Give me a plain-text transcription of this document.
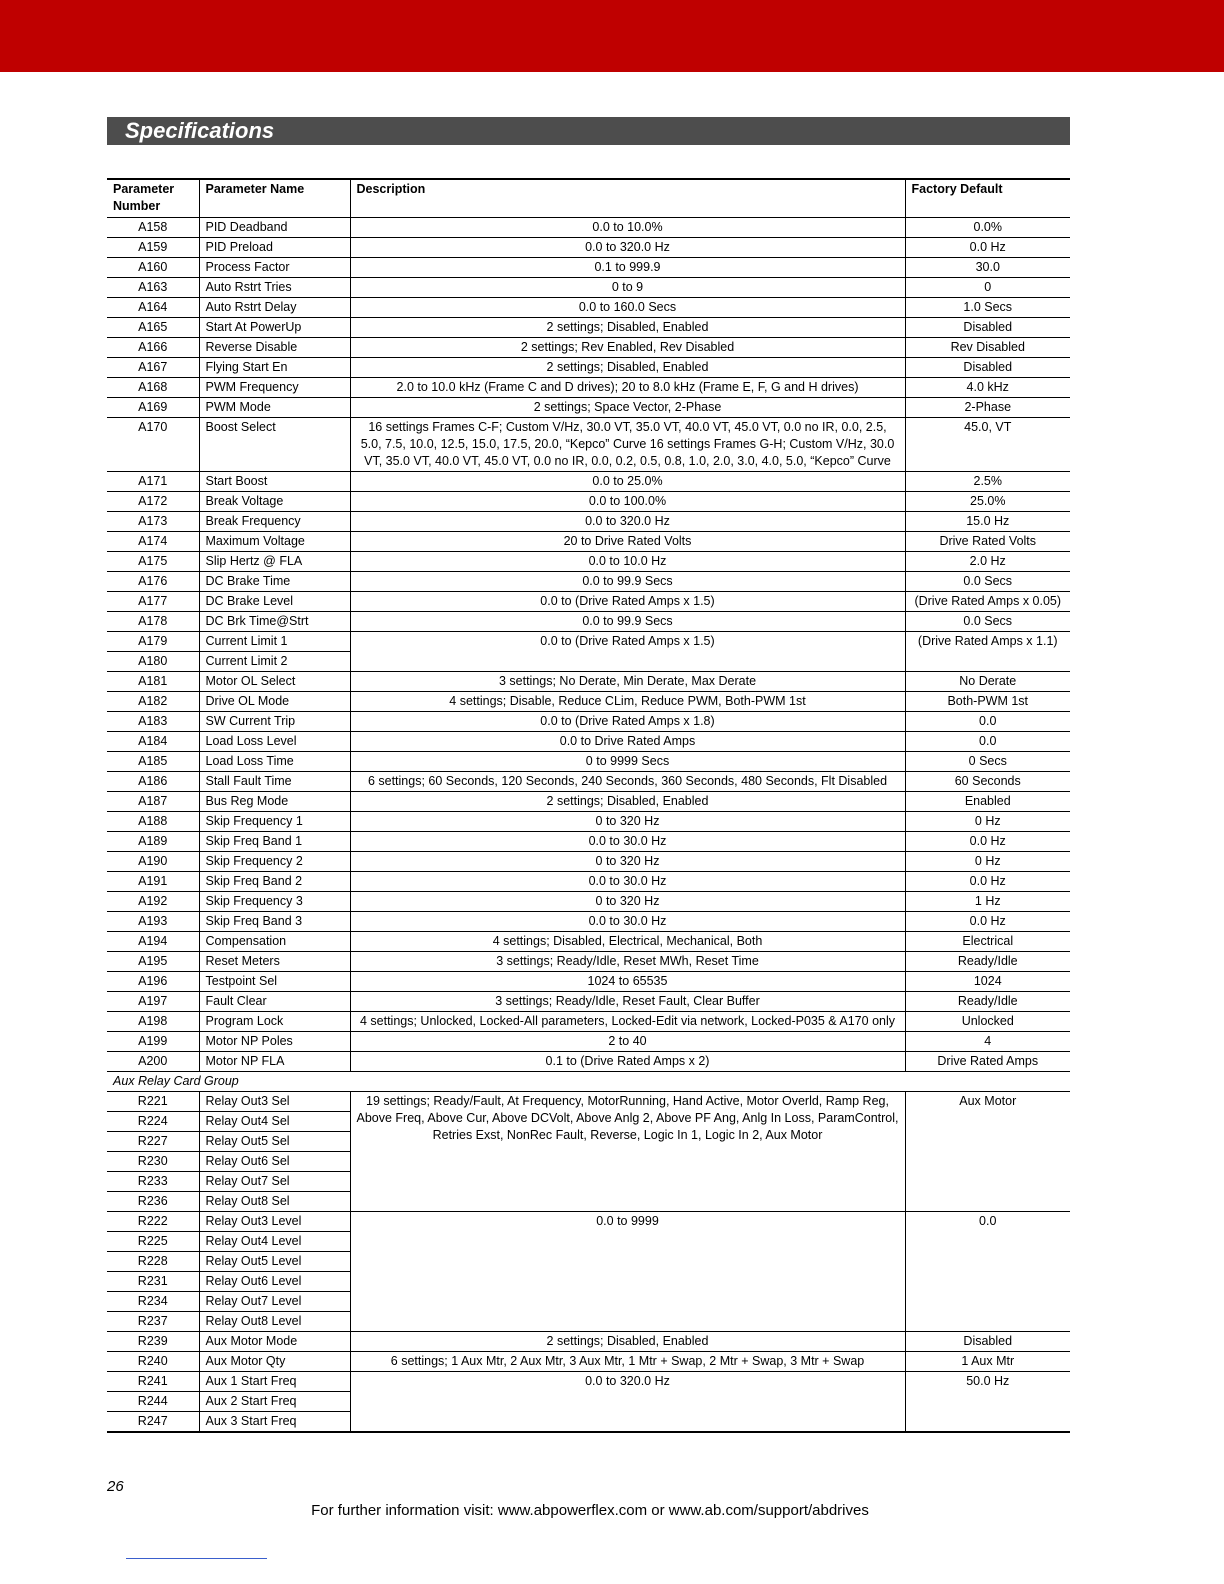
Specifications
Parameter Number	Parameter Name	Description	Factory Default
A158	PID Deadband	0.0 to 10.0%	0.0%
A159	PID Preload	0.0 to 320.0 Hz	0.0 Hz
A160	Process Factor	0.1 to 999.9	30.0
A163	Auto Rstrt Tries	0 to 9	0
A164	Auto Rstrt Delay	0.0 to 160.0 Secs	1.0 Secs
A165	Start At PowerUp	2 settings; Disabled, Enabled	Disabled
A166	Reverse Disable	2 settings; Rev Enabled, Rev Disabled	Rev Disabled
A167	Flying Start En	2 settings; Disabled, Enabled	Disabled
A168	PWM Frequency	2.0 to 10.0 kHz (Frame C and D drives); 20 to 8.0 kHz (Frame E, F, G and H drives)	4.0 kHz
A169	PWM Mode	2 settings; Space Vector, 2-Phase	2-Phase
A170	Boost Select	16 settings Frames C-F; Custom V/Hz, 30.0 VT, 35.0 VT, 40.0 VT, 45.0 VT, 0.0 no IR, 0.0, 2.5, 5.0, 7.5, 10.0, 12.5, 15.0, 17.5, 20.0, “Kepco” Curve 16 settings Frames G-H; Custom V/Hz, 30.0 VT, 35.0 VT, 40.0 VT, 45.0 VT, 0.0 no IR, 0.0, 0.2, 0.5, 0.8, 1.0, 2.0, 3.0, 4.0, 5.0, “Kepco” Curve	45.0, VT
A171	Start Boost	0.0 to 25.0%	2.5%
A172	Break Voltage	0.0 to 100.0%	25.0%
A173	Break Frequency	0.0 to 320.0 Hz	15.0 Hz
A174	Maximum Voltage	20 to Drive Rated Volts	Drive Rated Volts
A175	Slip Hertz @ FLA	0.0 to 10.0 Hz	2.0 Hz
A176	DC Brake Time	0.0 to 99.9 Secs	0.0 Secs
A177	DC Brake Level	0.0 to (Drive Rated Amps x 1.5)	(Drive Rated Amps x 0.05)
A178	DC Brk Time@Strt	0.0 to 99.9 Secs	0.0 Secs
A179	Current Limit 1	0.0 to (Drive Rated Amps x 1.5)	(Drive Rated Amps x 1.1)
A180	Current Limit 2		
A181	Motor OL Select	3 settings; No Derate, Min Derate, Max Derate	No Derate
A182	Drive OL Mode	4 settings; Disable, Reduce CLim, Reduce PWM, Both-PWM 1st	Both-PWM 1st
A183	SW Current Trip	0.0 to (Drive Rated Amps x 1.8)	0.0
A184	Load Loss Level	0.0 to Drive Rated Amps	0.0
A185	Load Loss Time	0 to 9999 Secs	0 Secs
A186	Stall Fault Time	6 settings; 60 Seconds, 120 Seconds, 240 Seconds, 360 Seconds, 480 Seconds, Flt Disabled	60 Seconds
A187	Bus Reg Mode	2 settings; Disabled, Enabled	Enabled
A188	Skip Frequency 1	0 to 320 Hz	0 Hz
A189	Skip Freq Band 1	0.0 to 30.0 Hz	0.0 Hz
A190	Skip Frequency 2	0 to 320 Hz	0 Hz
A191	Skip Freq Band 2	0.0 to 30.0 Hz	0.0 Hz
A192	Skip Frequency 3	0 to 320 Hz	1 Hz
A193	Skip Freq Band 3	0.0 to 30.0 Hz	0.0 Hz
A194	Compensation	4 settings; Disabled, Electrical, Mechanical, Both	Electrical
A195	Reset Meters	3 settings; Ready/Idle, Reset MWh, Reset Time	Ready/Idle
A196	Testpoint Sel	1024 to 65535	1024
A197	Fault Clear	3 settings; Ready/Idle, Reset Fault, Clear Buffer	Ready/Idle
A198	Program Lock	4 settings; Unlocked, Locked-All parameters, Locked-Edit via network, Locked-P035 & A170 only	Unlocked
A199	Motor NP Poles	2 to 40	4
A200	Motor NP FLA	0.1 to (Drive Rated Amps x 2)	Drive Rated Amps
Aux Relay Card Group			
R221	Relay Out3 Sel	19 settings; Ready/Fault, At Frequency, MotorRunning, Hand Active, Motor Overld, Ramp Reg, Above Freq, Above Cur, Above DCVolt, Above Anlg 2, Above PF Ang, Anlg In Loss, ParamControl, Retries Exst, NonRec Fault, Reverse, Logic In 1, Logic In 2, Aux Motor	Aux Motor
R224	Relay Out4 Sel		
R227	Relay Out5 Sel		
R230	Relay Out6 Sel		
R233	Relay Out7 Sel		
R236	Relay Out8 Sel		
R222	Relay Out3 Level	0.0 to 9999	0.0
R225	Relay Out4 Level		
R228	Relay Out5 Level		
R231	Relay Out6 Level		
R234	Relay Out7 Level		
R237	Relay Out8 Level		
R239	Aux Motor Mode	2 settings; Disabled, Enabled	Disabled
R240	Aux Motor Qty	6 settings; 1 Aux Mtr, 2 Aux Mtr, 3 Aux Mtr, 1 Mtr + Swap, 2 Mtr + Swap, 3 Mtr + Swap	1 Aux Mtr
R241	Aux 1 Start Freq	0.0 to 320.0 Hz	50.0 Hz
R244	Aux 2 Start Freq		
R247	Aux 3 Start Freq		
26
For further information visit: www.abpowerflex.com or www.ab.com/support/abdrives
